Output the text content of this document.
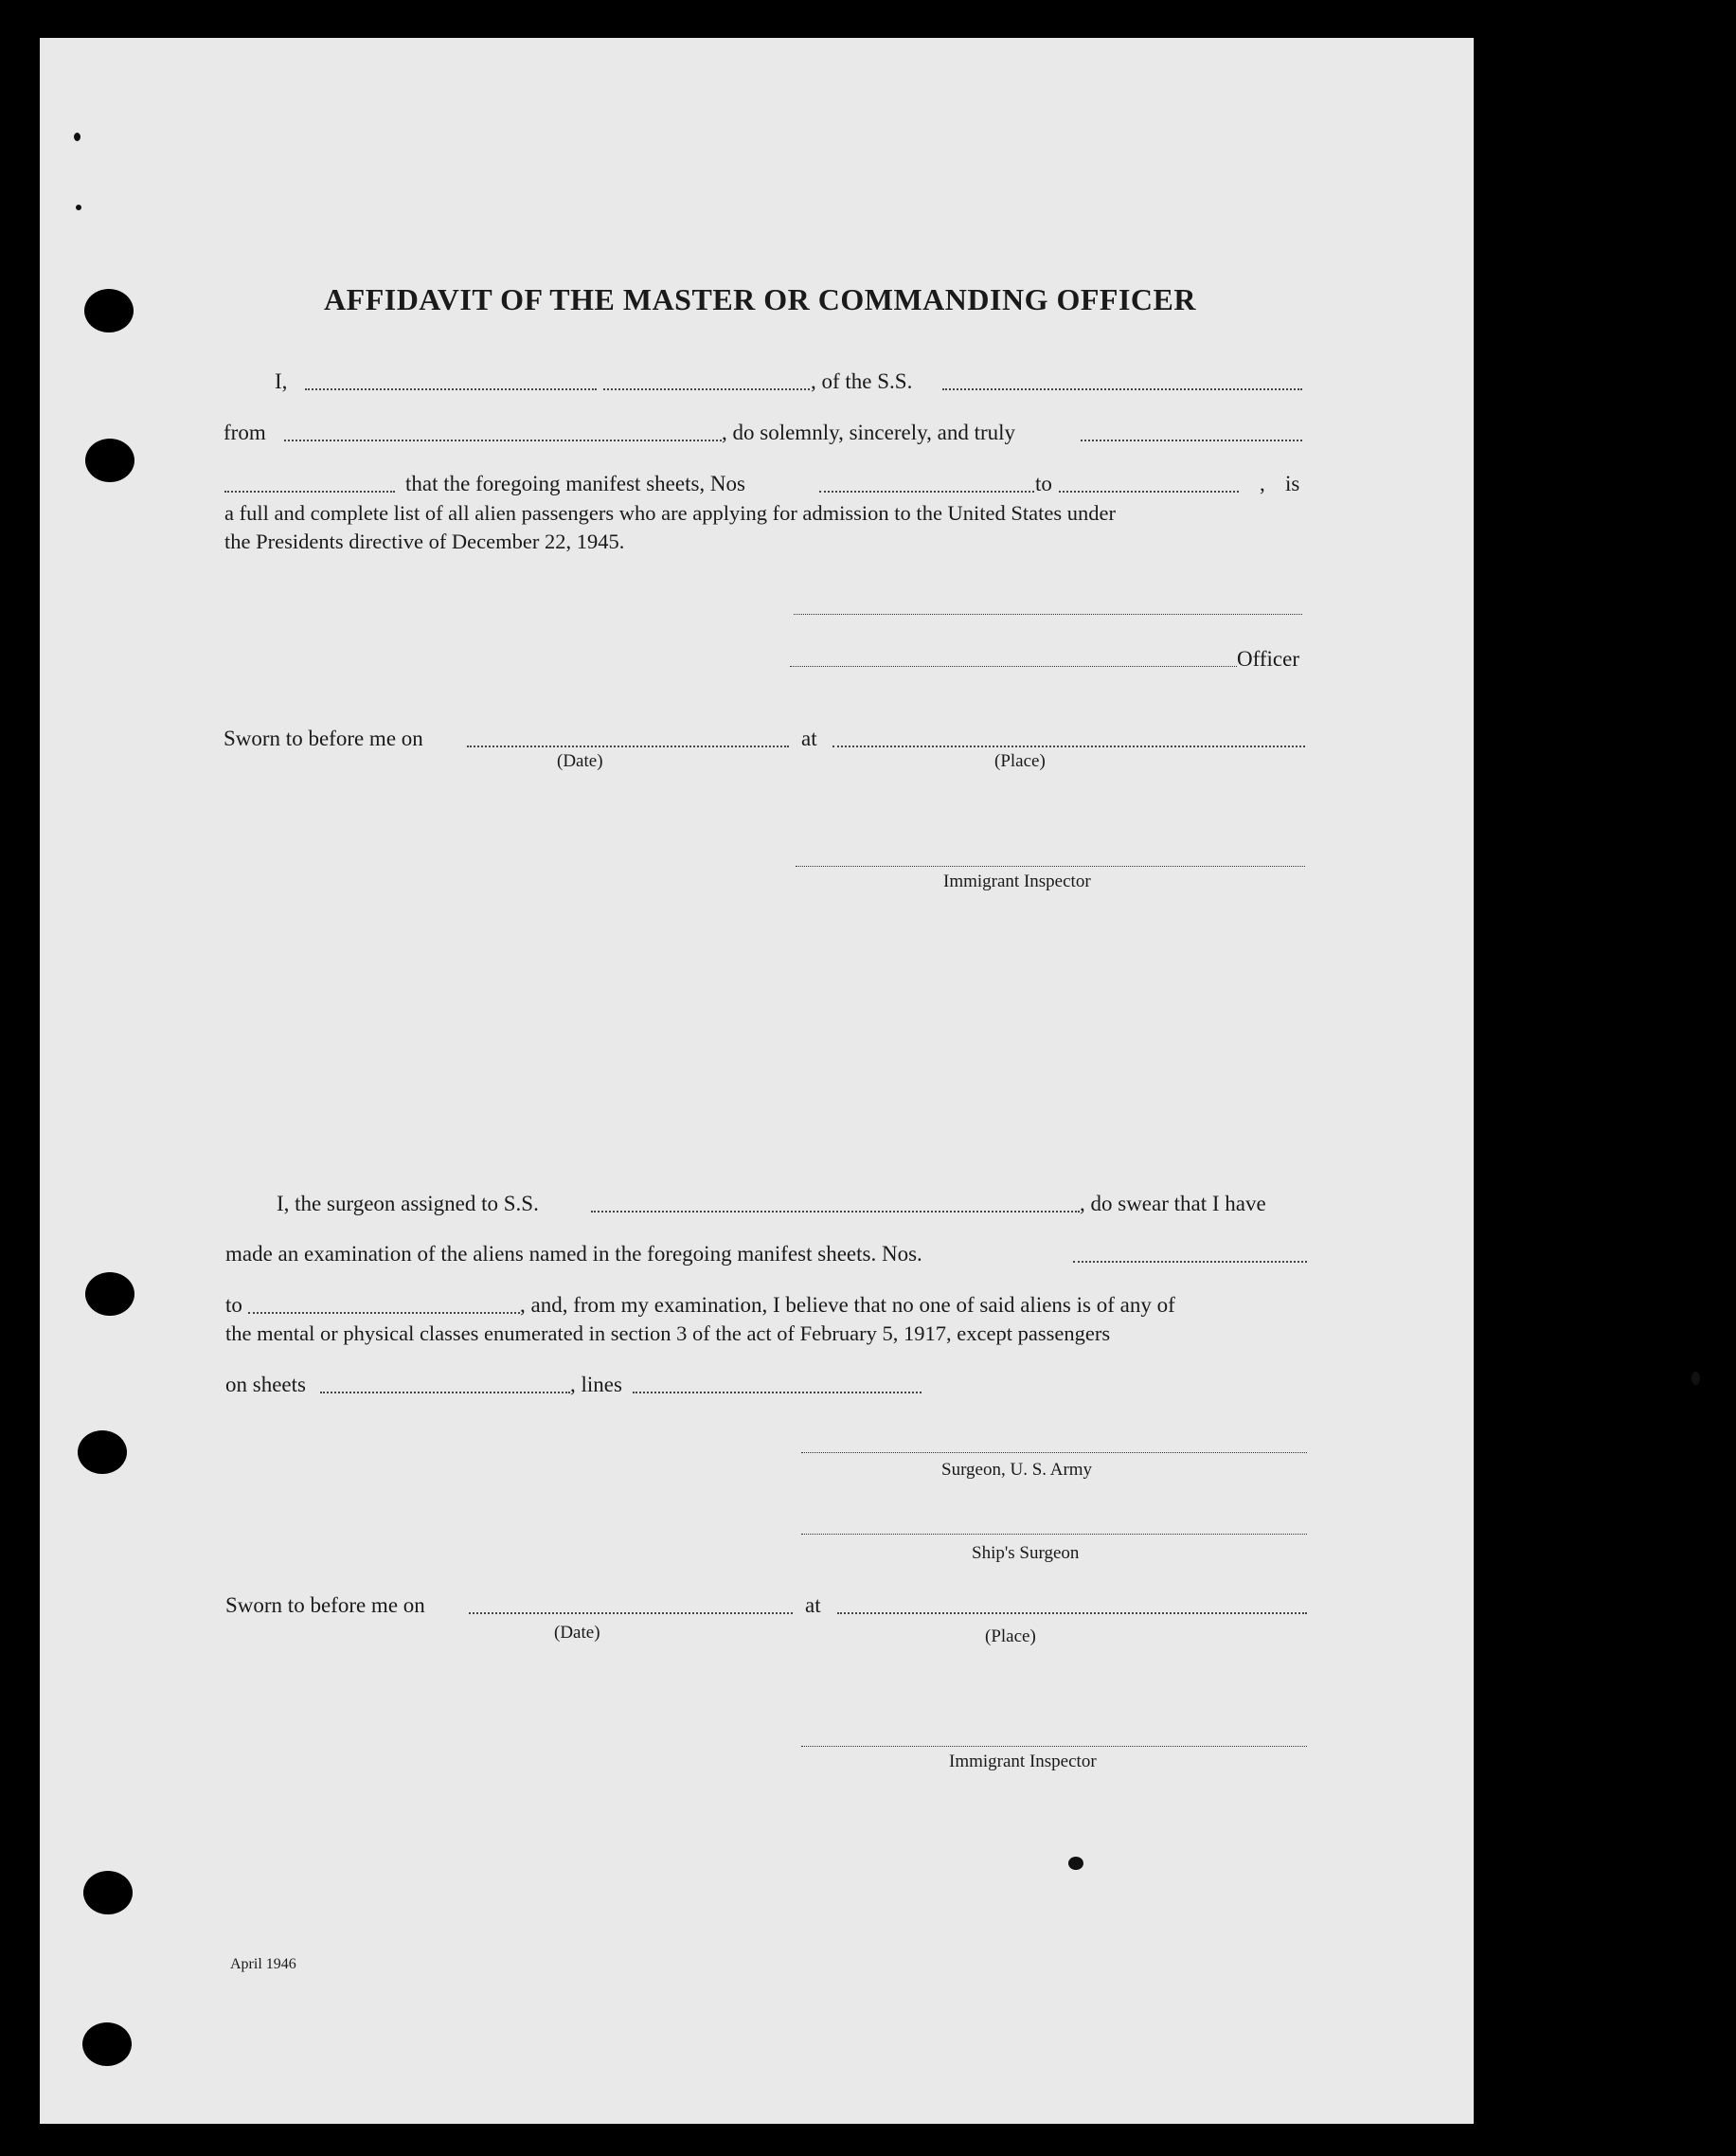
AFFIDAVIT OF THE MASTER OR COMMANDING OFFICER
I,	, of the S.S.
from	, do solemnly, sincerely, and truly
that the foregoing manifest sheets, Nos	to	, is
a full and complete list of all alien passengers who are applying for admission to the United States under
the Presidents directive of December 22, 1945.
Officer
Sworn to before me on	at
(Date)	(Place)
Immigrant Inspector
I, the surgeon assigned to S.S.	, do swear that I have
made an examination of the aliens named in the foregoing manifest sheets. Nos.
to	, and, from my examination, I believe that no one of said aliens is of any of
the mental or physical classes enumerated in section 3 of the act of February 5, 1917, except passengers
on sheets	, lines
Surgeon, U. S. Army
Ship's Surgeon
Sworn to before me on	at
(Date)	(Place)
Immigrant Inspector
April 1946
